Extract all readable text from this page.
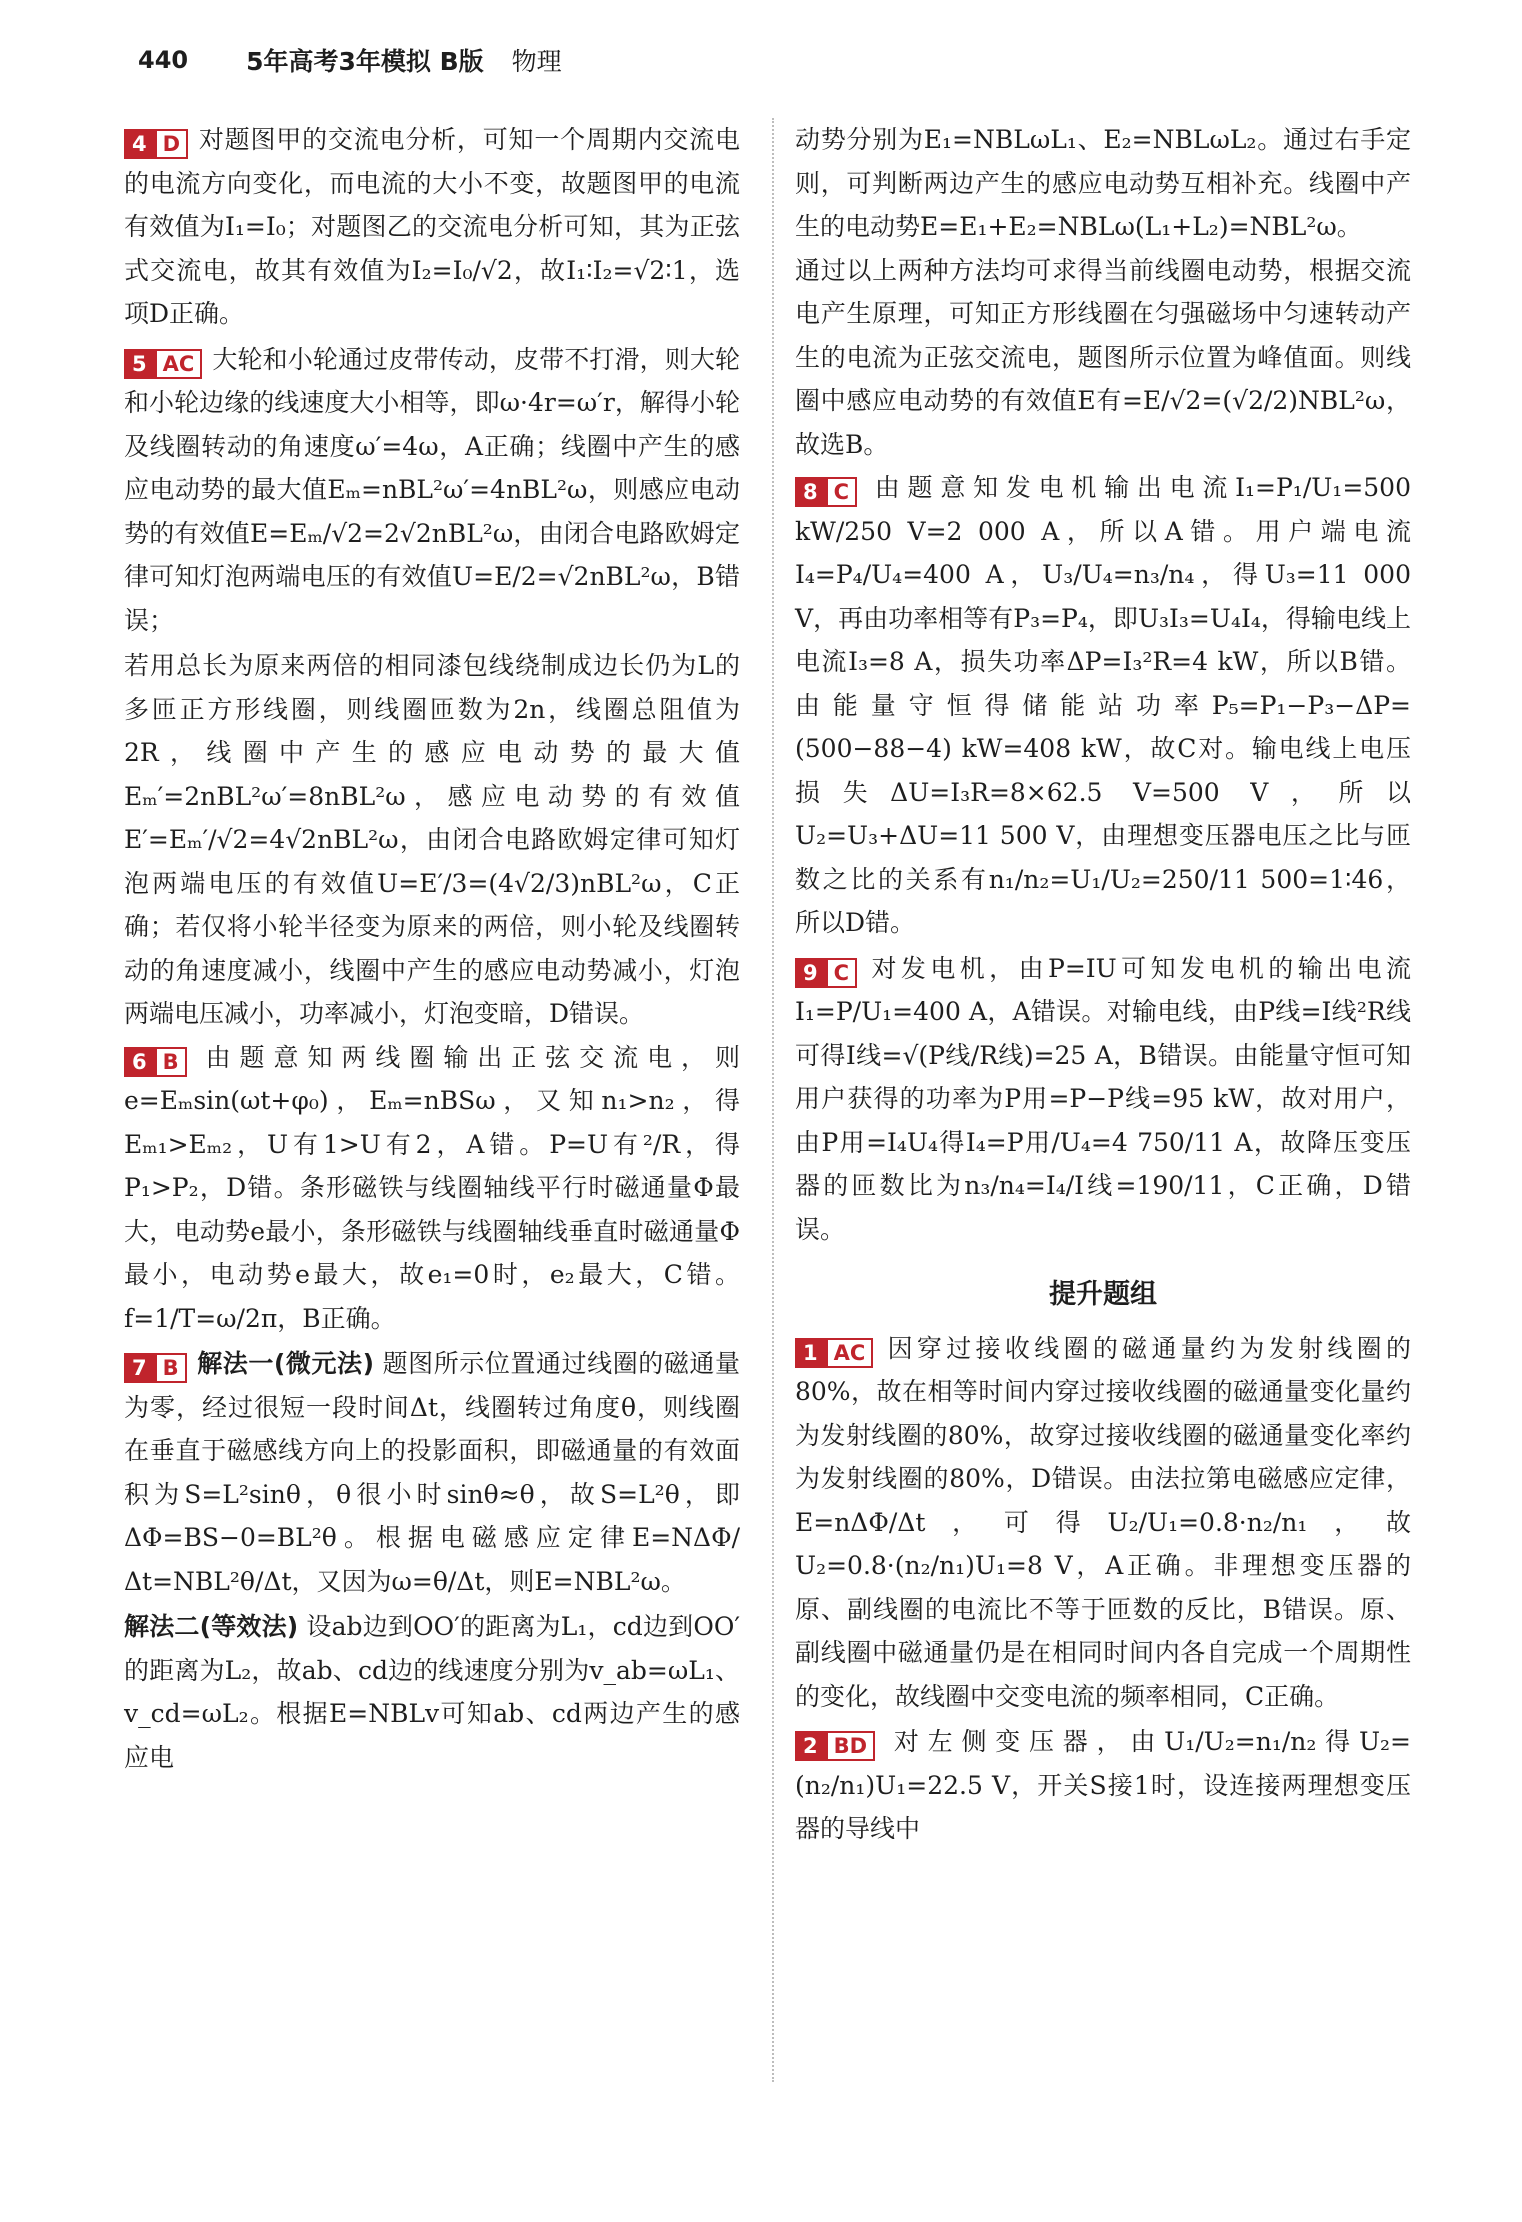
440 5年高考3年模拟 B版 物理

4 D 对题图甲的交流电分析，可知一个周期内交流电的电流方向变化，而电流的大小不变，故题图甲的电流有效值为I₁=I₀；对题图乙的交流电分析可知，其为正弦式交流电，故其有效值为I₂=I₀/√2，故I₁∶I₂=√2∶1，选项D正确。

5 AC 大轮和小轮通过皮带传动，皮带不打滑，则大轮和小轮边缘的线速度大小相等，即ω·4r=ω′r，解得小轮及线圈转动的角速度ω′=4ω，A正确；线圈中产生的感应电动势的最大值Eₘ=nBL²ω′=4nBL²ω，则感应电动势的有效值E=Eₘ/√2=2√2nBL²ω，由闭合电路欧姆定律可知灯泡两端电压的有效值U=E/2=√2nBL²ω，B错误；

若用总长为原来两倍的相同漆包线绕制成边长仍为L的多匝正方形线圈，则线圈匝数为2n，线圈总阻值为2R，线圈中产生的感应电动势的最大值Eₘ′=2nBL²ω′=8nBL²ω，感应电动势的有效值E′=Eₘ′/√2=4√2nBL²ω，由闭合电路欧姆定律可知灯泡两端电压的有效值U=E′/3=(4√2/3)nBL²ω，C正确；若仅将小轮半径变为原来的两倍，则小轮及线圈转动的角速度减小，线圈中产生的感应电动势减小，灯泡两端电压减小，功率减小，灯泡变暗，D错误。

6 B 由题意知两线圈输出正弦交流电，则e=Eₘsin(ωt+φ₀)，Eₘ=nBSω，又知n₁>n₂，得Eₘ₁>Eₘ₂，U有1>U有2，A错。P=U有²/R，得P₁>P₂，D错。条形磁铁与线圈轴线平行时磁通量Φ最大，电动势e最小，条形磁铁与线圈轴线垂直时磁通量Φ最小，电动势e最大，故e₁=0时，e₂最大，C错。f=1/T=ω/2π，B正确。

7 B 解法一(微元法) 题图所示位置通过线圈的磁通量为零，经过很短一段时间Δt，线圈转过角度θ，则线圈在垂直于磁感线方向上的投影面积，即磁通量的有效面积为S=L²sinθ，θ很小时sinθ≈θ，故S=L²θ，即ΔΦ=BS−0=BL²θ。根据电磁感应定律E=NΔΦ/Δt=NBL²θ/Δt，又因为ω=θ/Δt，则E=NBL²ω。

解法二(等效法) 设ab边到OO′的距离为L₁，cd边到OO′的距离为L₂，故ab、cd边的线速度分别为v_ab=ωL₁、v_cd=ωL₂。根据E=NBLv可知ab、cd两边产生的感应电

动势分别为E₁=NBLωL₁、E₂=NBLωL₂。通过右手定则，可判断两边产生的感应电动势互相补充。线圈中产生的电动势E=E₁+E₂=NBLω(L₁+L₂)=NBL²ω。

通过以上两种方法均可求得当前线圈电动势，根据交流电产生原理，可知正方形线圈在匀强磁场中匀速转动产生的电流为正弦交流电，题图所示位置为峰值面。则线圈中感应电动势的有效值E有=E/√2=(√2/2)NBL²ω，故选B。

8 C 由题意知发电机输出电流I₁=P₁/U₁=500 kW/250 V=2 000 A，所以A错。用户端电流I₄=P₄/U₄=400 A，U₃/U₄=n₃/n₄，得U₃=11 000 V，再由功率相等有P₃=P₄，即U₃I₃=U₄I₄，得输电线上电流I₃=8 A，损失功率ΔP=I₃²R=4 kW，所以B错。由能量守恒得储能站功率P₅=P₁−P₃−ΔP=(500−88−4) kW=408 kW，故C对。输电线上电压损失ΔU=I₃R=8×62.5 V=500 V，所以U₂=U₃+ΔU=11 500 V，由理想变压器电压之比与匝数之比的关系有n₁/n₂=U₁/U₂=250/11 500=1∶46，所以D错。

9 C 对发电机，由P=IU可知发电机的输出电流I₁=P/U₁=400 A，A错误。对输电线，由P线=I线²R线可得I线=√(P线/R线)=25 A，B错误。由能量守恒可知用户获得的功率为P用=P−P线=95 kW，故对用户，由P用=I₄U₄得I₄=P用/U₄=4 750/11 A，故降压变压器的匝数比为n₃/n₄=I₄/I线=190/11，C正确，D错误。

提升题组

1 AC 因穿过接收线圈的磁通量约为发射线圈的80%，故在相等时间内穿过接收线圈的磁通量变化量约为发射线圈的80%，故穿过接收线圈的磁通量变化率约为发射线圈的80%，D错误。由法拉第电磁感应定律，E=nΔΦ/Δt，可得U₂/U₁=0.8·n₂/n₁，故U₂=0.8·(n₂/n₁)U₁=8 V，A正确。非理想变压器的原、副线圈的电流比不等于匝数的反比，B错误。原、副线圈中磁通量仍是在相同时间内各自完成一个周期性的变化，故线圈中交变电流的频率相同，C正确。

2 BD 对左侧变压器，由U₁/U₂=n₁/n₂得U₂=(n₂/n₁)U₁=22.5 V，开关S接1时，设连接两理想变压器的导线中
